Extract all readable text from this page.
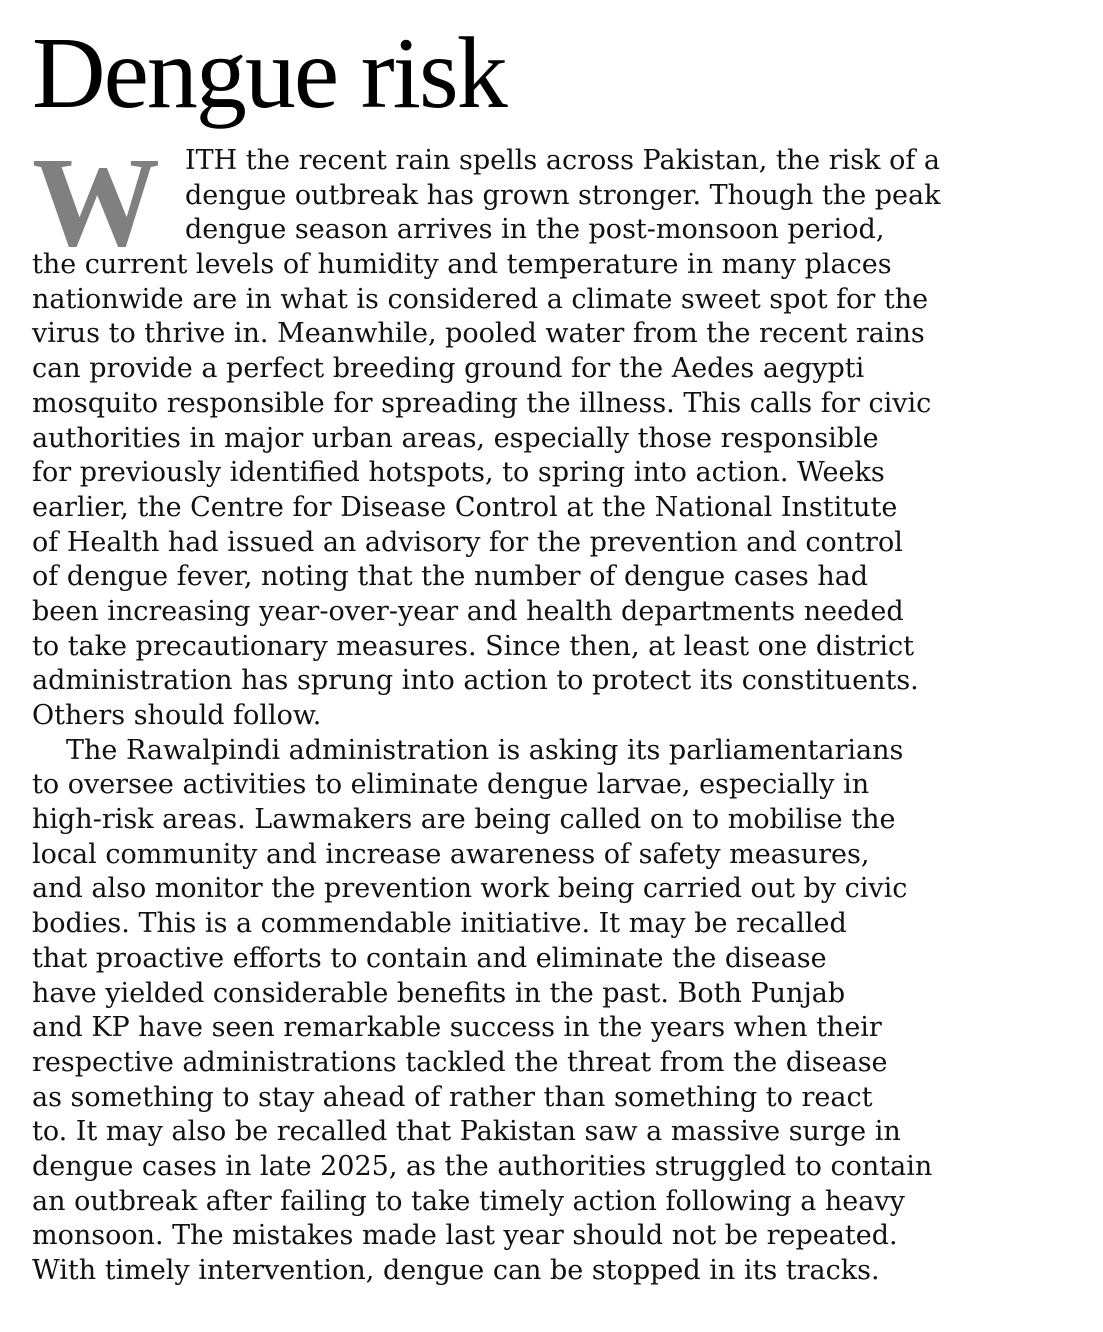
Dengue risk
W ITH the recent rain spells across Pakistan, the risk of a
dengue outbreak has grown stronger. Though the peak
dengue season arrives in the post-monsoon period,
the current levels of humidity and temperature in many places
nationwide are in what is considered a climate sweet spot for the
virus to thrive in. Meanwhile, pooled water from the recent rains
can provide a perfect breeding ground for the Aedes aegypti
mosquito responsible for spreading the illness. This calls for civic
authorities in major urban areas, especially those responsible
for previously identified hotspots, to spring into action. Weeks
earlier, the Centre for Disease Control at the National Institute
of Health had issued an advisory for the prevention and control
of dengue fever, noting that the number of dengue cases had
been increasing year-over-year and health departments needed
to take precautionary measures. Since then, at least one district
administration has sprung into action to protect its constituents.
Others should follow.
The Rawalpindi administration is asking its parliamentarians
to oversee activities to eliminate dengue larvae, especially in
high-risk areas. Lawmakers are being called on to mobilise the
local community and increase awareness of safety measures,
and also monitor the prevention work being carried out by civic
bodies. This is a commendable initiative. It may be recalled
that proactive efforts to contain and eliminate the disease
have yielded considerable benefits in the past. Both Punjab
and KP have seen remarkable success in the years when their
respective administrations tackled the threat from the disease
as something to stay ahead of rather than something to react
to. It may also be recalled that Pakistan saw a massive surge in
dengue cases in late 2025, as the authorities struggled to contain
an outbreak after failing to take timely action following a heavy
monsoon. The mistakes made last year should not be repeated.
With timely intervention, dengue can be stopped in its tracks.
